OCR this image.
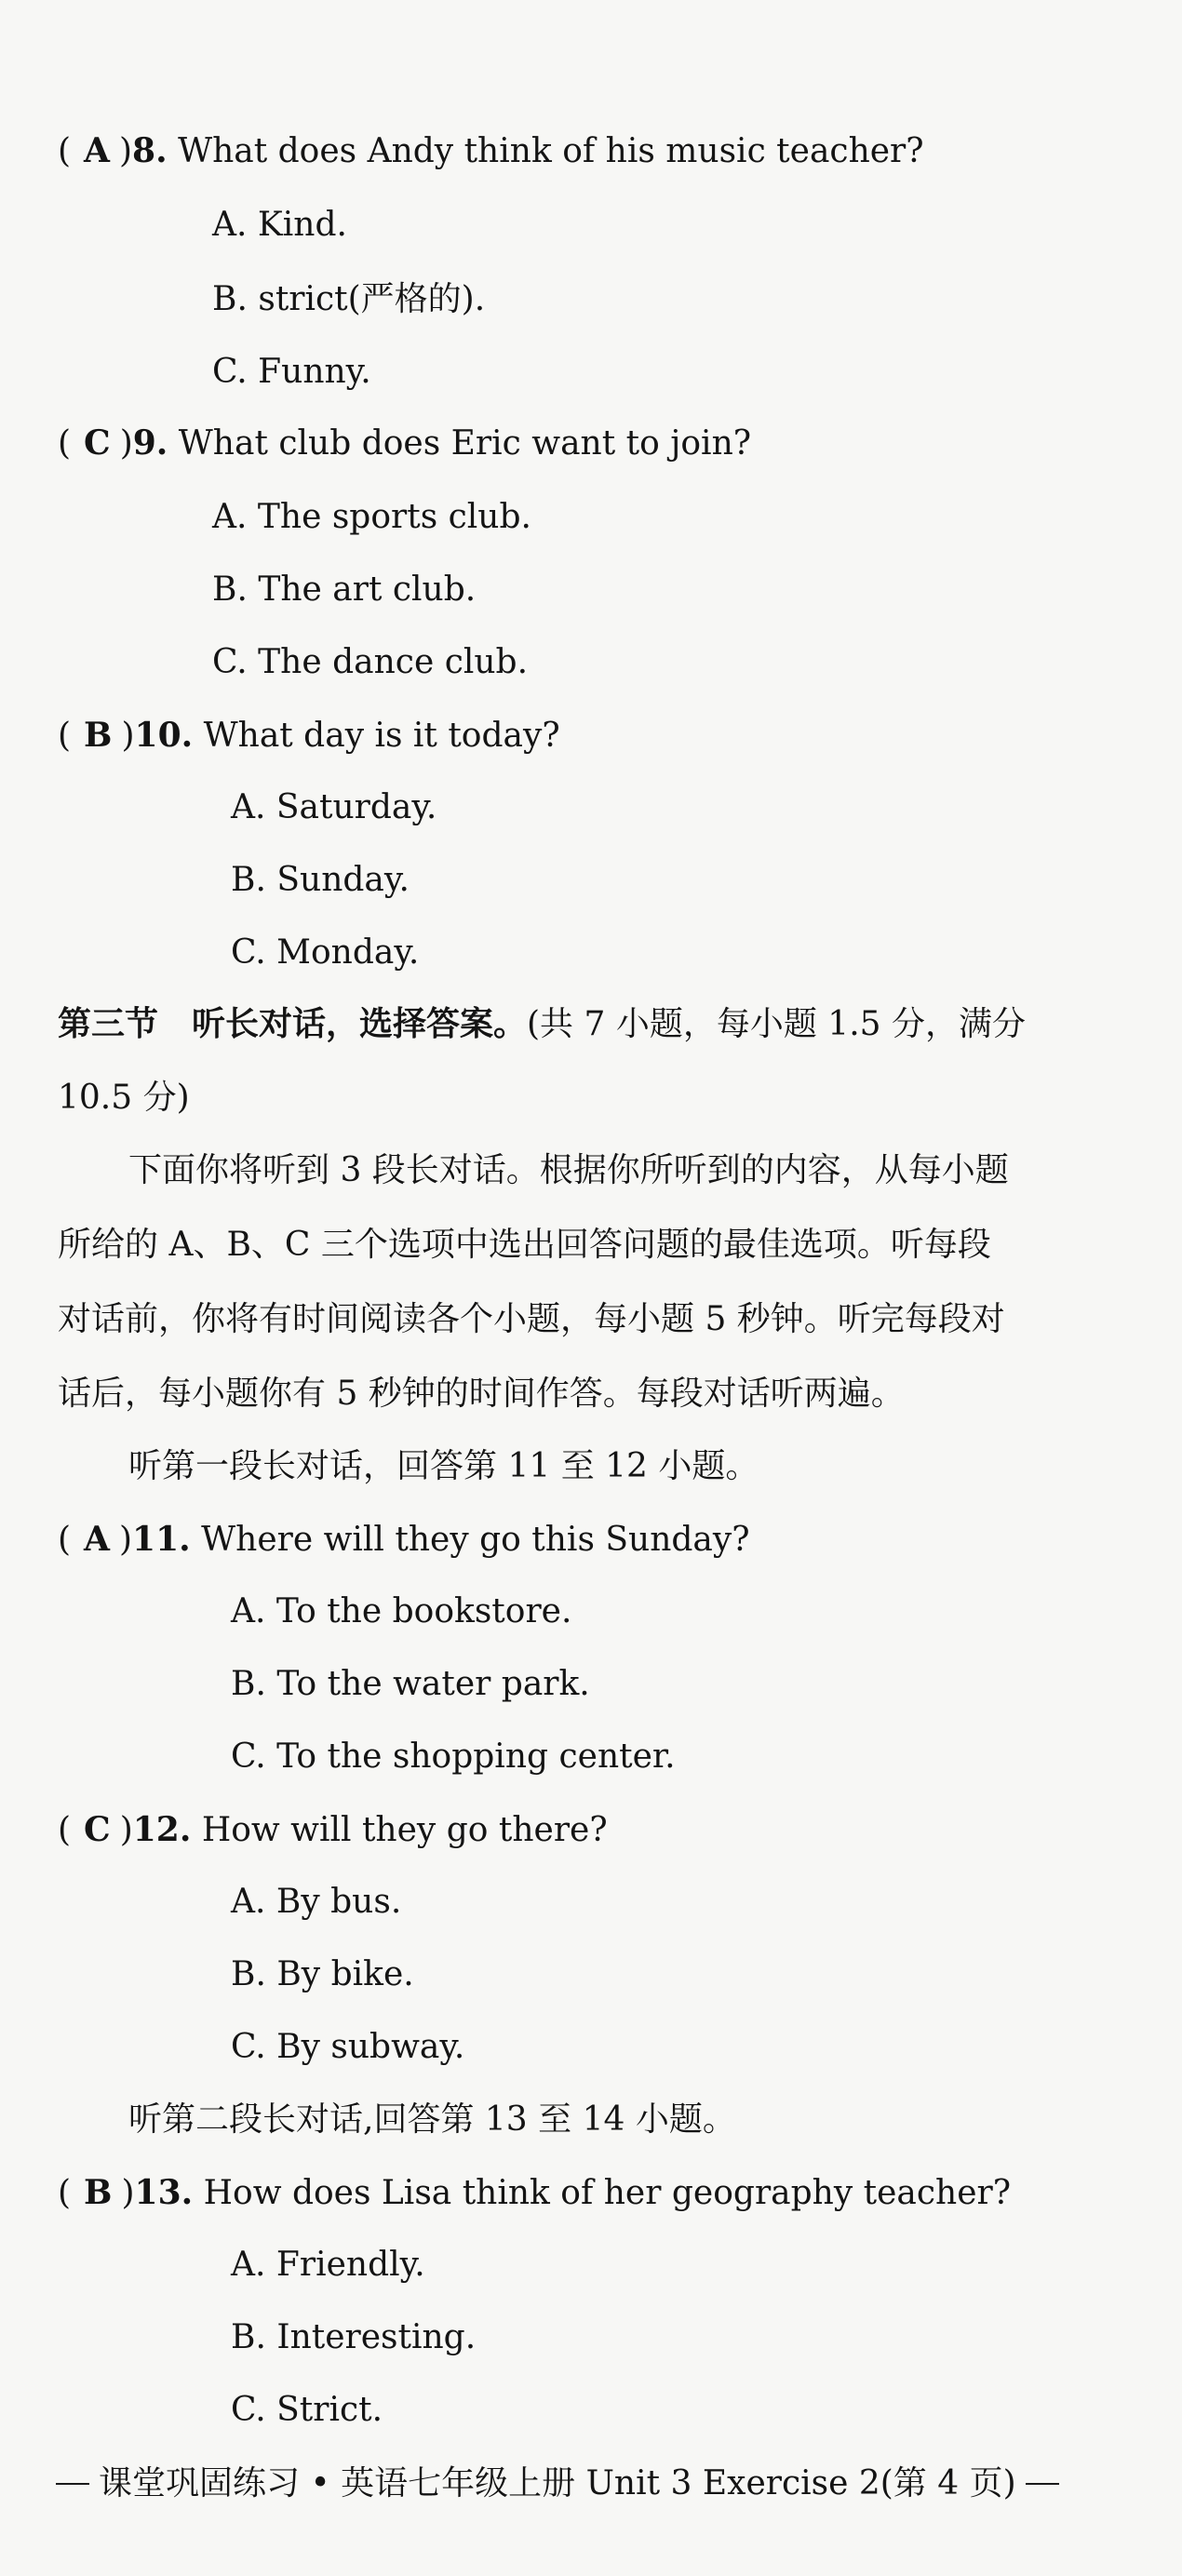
( A )8. What does Andy think of his music teacher?
A. Kind.
B. strict(严格的).
C. Funny.
( C )9. What club does Eric want to join?
A. The sports club.
B. The art club.
C. The dance club.
( B )10. What day is it today?
A. Saturday.
B. Sunday.
C. Monday.
第三节　听长对话，选择答案。(共 7 小题，每小题 1.5 分，满分
10.5 分)
下面你将听到 3 段长对话。根据你所听到的内容，从每小题
所给的 A、B、C 三个选项中选出回答问题的最佳选项。听每段
对话前，你将有时间阅读各个小题，每小题 5 秒钟。听完每段对
话后，每小题你有 5 秒钟的时间作答。每段对话听两遍。
听第一段长对话，回答第 11 至 12 小题。
( A )11. Where will they go this Sunday?
A. To the bookstore.
B. To the water park.
C. To the shopping center.
( C )12. How will they go there?
A. By bus.
B. By bike.
C. By subway.
听第二段长对话,回答第 13 至 14 小题。
( B )13. How does Lisa think of her geography teacher?
A. Friendly.
B. Interesting.
C. Strict.
课堂巩固练习 • 英语七年级上册 Unit 3 Exercise 2(第 4 页)
